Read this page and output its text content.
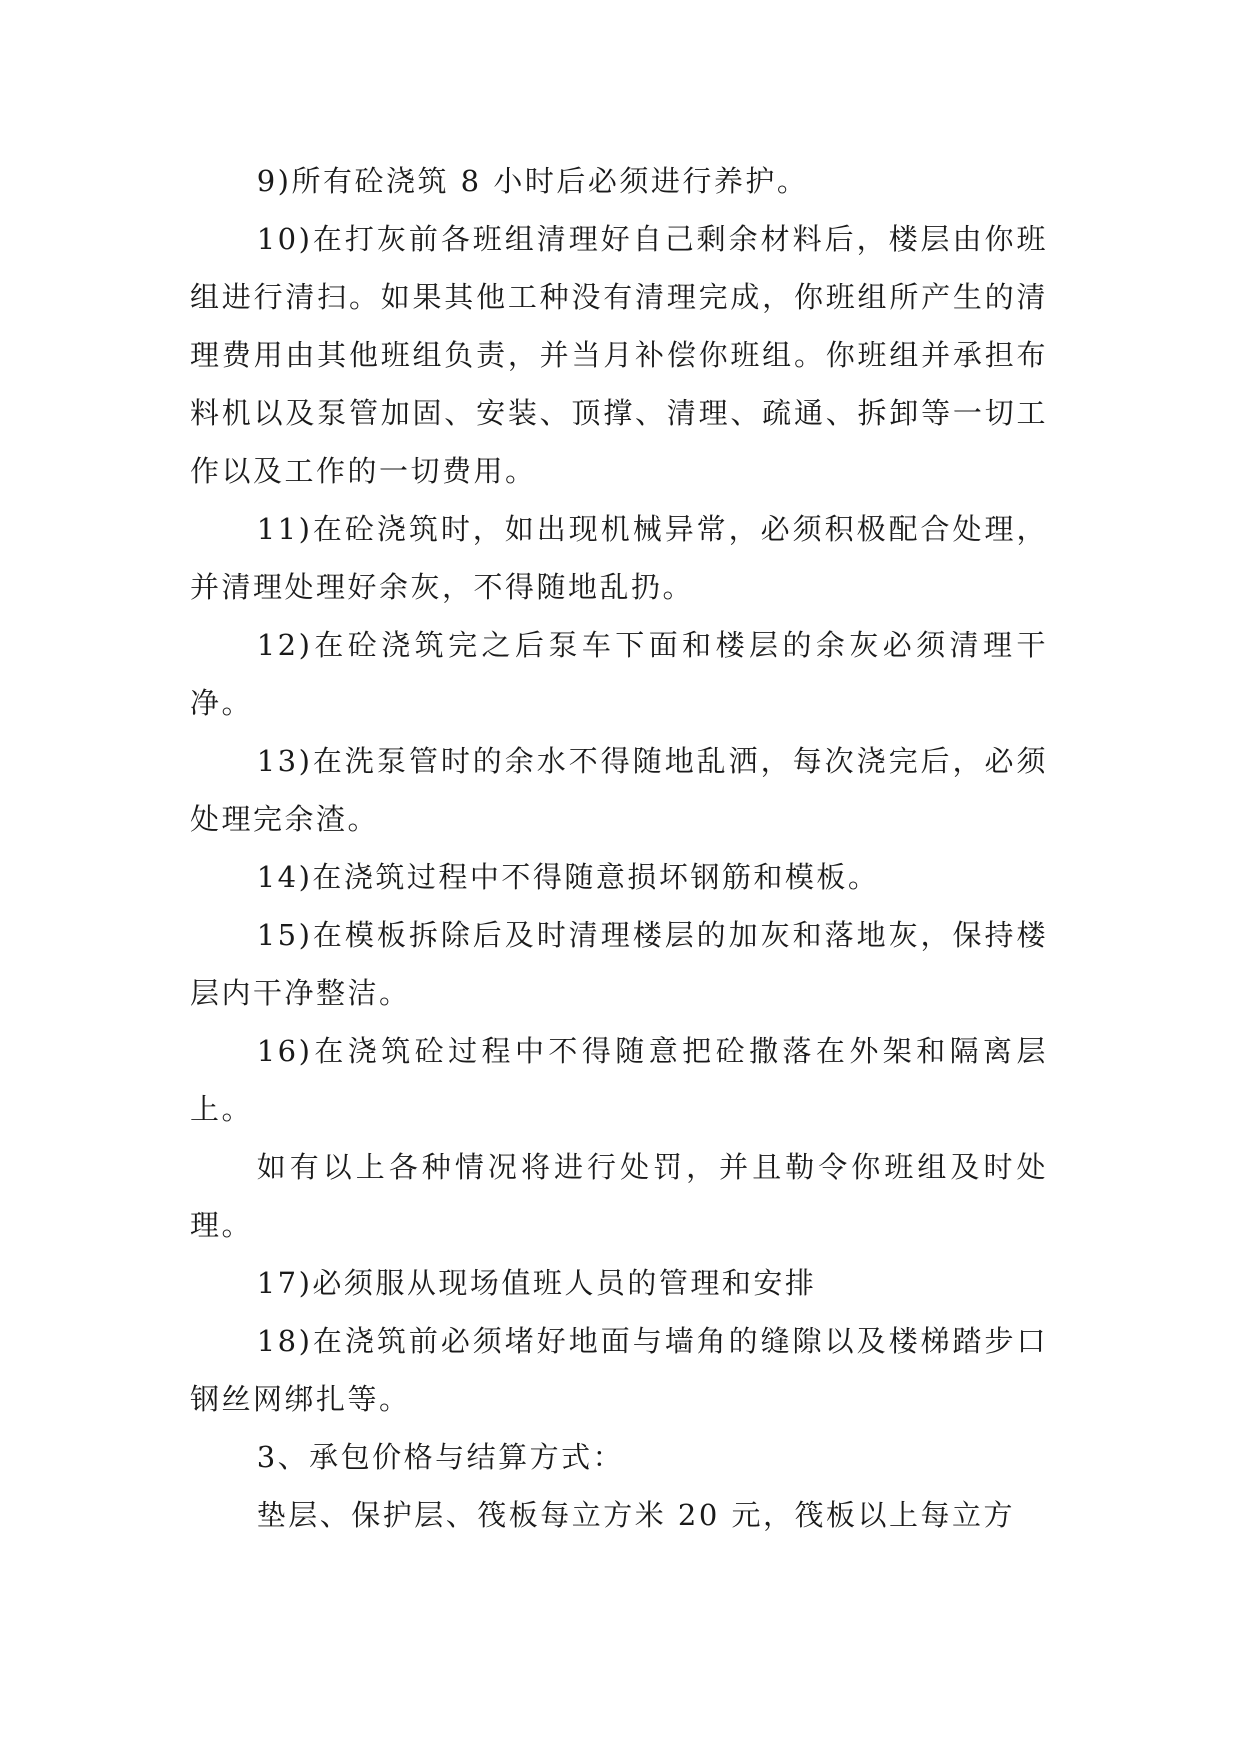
9)所有砼浇筑 8 小时后必须进行养护。

10)在打灰前各班组清理好自己剩余材料后，楼层由你班组进行清扫。如果其他工种没有清理完成，你班组所产生的清理费用由其他班组负责，并当月补偿你班组。你班组并承担布料机以及泵管加固、安装、顶撑、清理、疏通、拆卸等一切工作以及工作的一切费用。

11)在砼浇筑时，如出现机械异常，必须积极配合处理，并清理处理好余灰，不得随地乱扔。

12)在砼浇筑完之后泵车下面和楼层的余灰必须清理干净。

13)在洗泵管时的余水不得随地乱洒，每次浇完后，必须处理完余渣。

14)在浇筑过程中不得随意损坏钢筋和模板。

15)在模板拆除后及时清理楼层的加灰和落地灰，保持楼层内干净整洁。

16)在浇筑砼过程中不得随意把砼撒落在外架和隔离层上。

如有以上各种情况将进行处罚，并且勒令你班组及时处理。

17)必须服从现场值班人员的管理和安排

18)在浇筑前必须堵好地面与墙角的缝隙以及楼梯踏步口钢丝网绑扎等。

3、承包价格与结算方式：

垫层、保护层、筏板每立方米 20 元，筏板以上每立方
